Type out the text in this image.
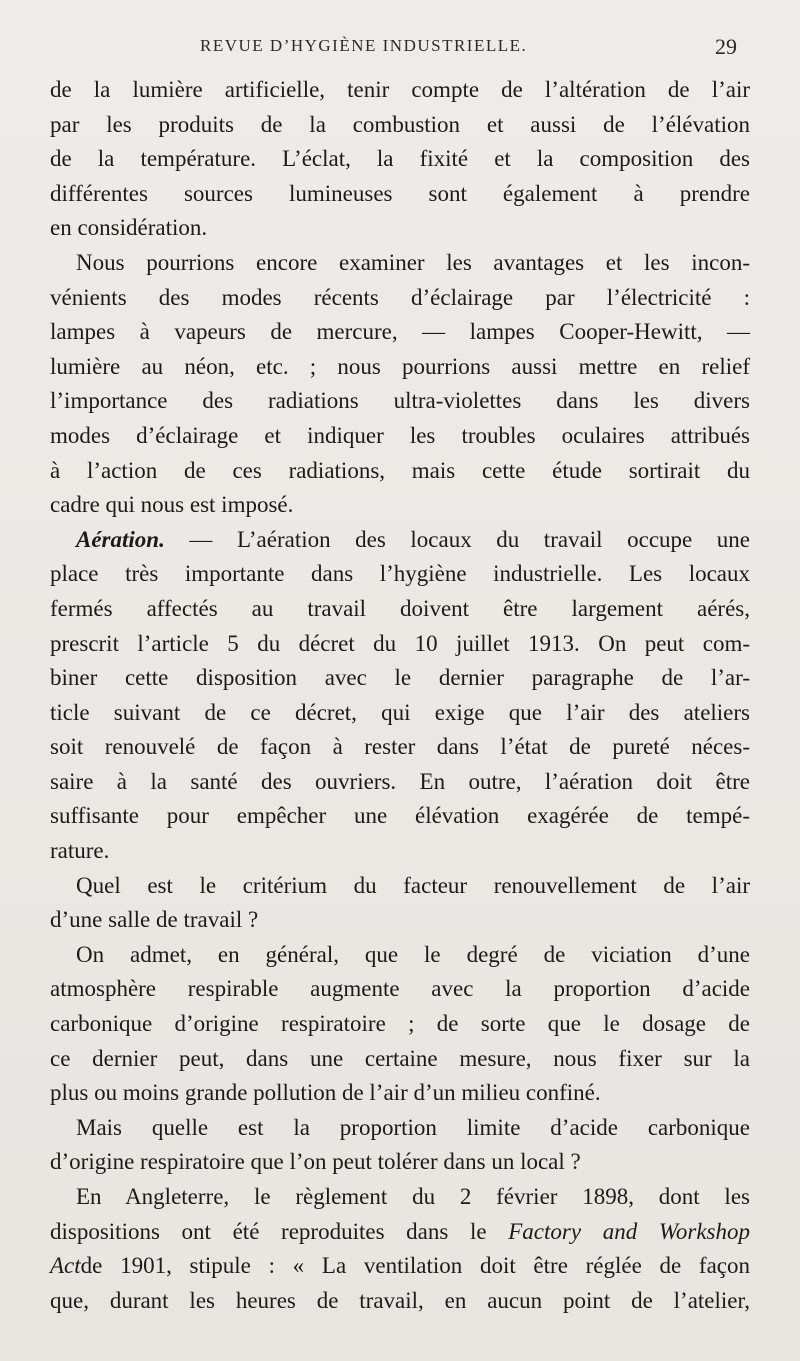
REVUE D’HYGIÈNE INDUSTRIELLE.	29
de la lumière artificielle, tenir compte de l’altération de l’air
par les produits de la combustion et aussi de l’élévation
de la température. L’éclat, la fixité et la composition des
différentes sources lumineuses sont également à prendre
en considération.
Nous pourrions encore examiner les avantages et les incon-
vénients des modes récents d’éclairage par l’électricité :
lampes à vapeurs de mercure, — lampes Cooper-Hewitt, —
lumière au néon, etc. ; nous pourrions aussi mettre en relief
l’importance des radiations ultra-violettes dans les divers
modes d’éclairage et indiquer les troubles oculaires attribués
à l’action de ces radiations, mais cette étude sortirait du
cadre qui nous est imposé.
Aération. — L’aération des locaux du travail occupe une
place très importante dans l’hygiène industrielle. Les locaux
fermés affectés au travail doivent être largement aérés,
prescrit l’article 5 du décret du 10 juillet 1913. On peut com-
biner cette disposition avec le dernier paragraphe de l’ar-
ticle suivant de ce décret, qui exige que l’air des ateliers
soit renouvelé de façon à rester dans l’état de pureté néces-
saire à la santé des ouvriers. En outre, l’aération doit être
suffisante pour empêcher une élévation exagérée de tempé-
rature.
Quel est le critérium du facteur renouvellement de l’air
d’une salle de travail ?
On admet, en général, que le degré de viciation d’une
atmosphère respirable augmente avec la proportion d’acide
carbonique d’origine respiratoire ; de sorte que le dosage de
ce dernier peut, dans une certaine mesure, nous fixer sur la
plus ou moins grande pollution de l’air d’un milieu confiné.
Mais quelle est la proportion limite d’acide carbonique
d’origine respiratoire que l’on peut tolérer dans un local ?
En Angleterre, le règlement du 2 février 1898, dont les
dispositions ont été reproduites dans le Factory and Workshop
Actde 1901, stipule : « La ventilation doit être réglée de façon
que, durant les heures de travail, en aucun point de l’atelier,
